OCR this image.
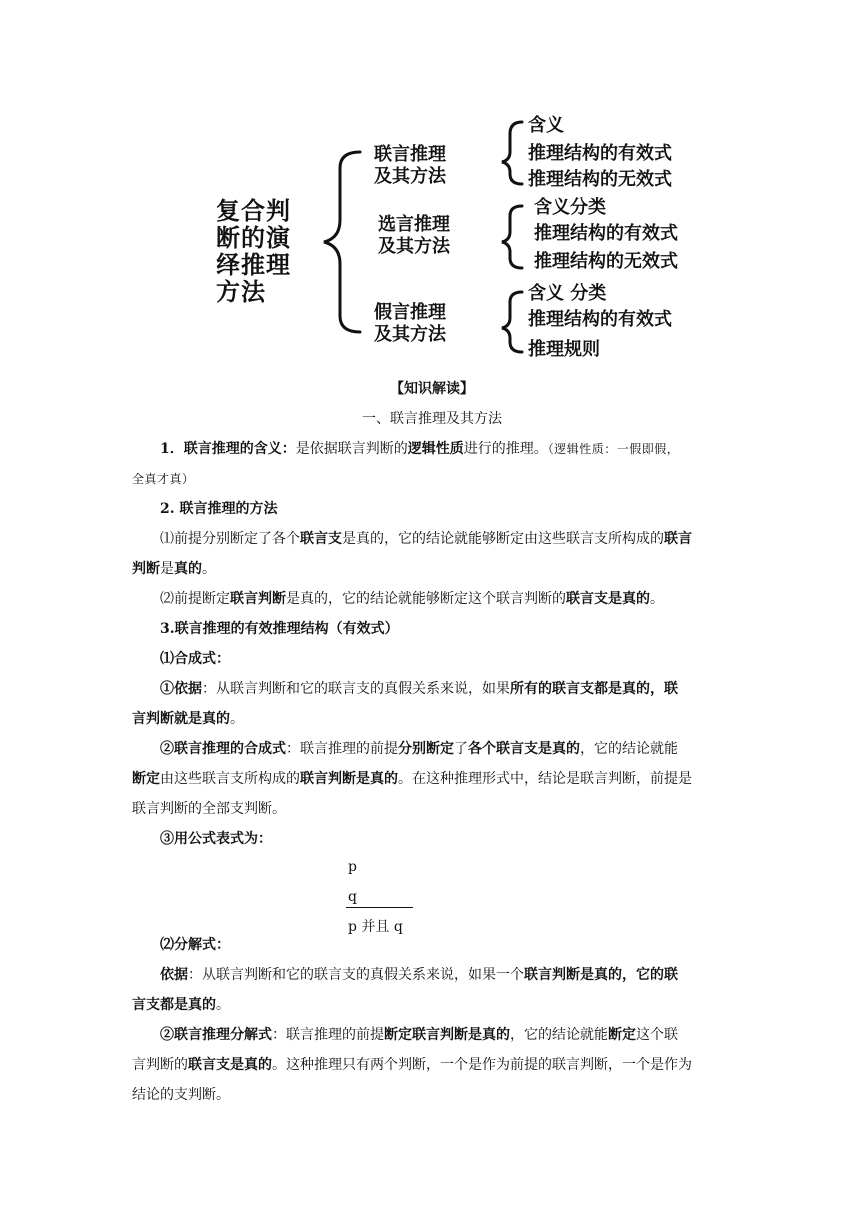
复合判
断的演
绎推理
方法
联言推理
及其方法
选言推理
及其方法
假言推理
及其方法
含义
推理结构的有效式
推理结构的无效式
含义分类
推理结构的有效式
推理结构的无效式
含义 分类
推理结构的有效式
推理规则

【知识解读】

一、联言推理及其方法

1．联言推理的含义：是依据联言判断的逻辑性质进行的推理。（逻辑性质：一假即假，

全真才真）

2. 联言推理的方法

⑴前提分别断定了各个联言支是真的，它的结论就能够断定由这些联言支所构成的联言

判断是真的。

⑵前提断定联言判断是真的，它的结论就能够断定这个联言判断的联言支是真的。

3.联言推理的有效推理结构（有效式）

⑴合成式：

①依据：从联言判断和它的联言支的真假关系来说，如果所有的联言支都是真的，联

言判断就是真的。

②联言推理的合成式：联言推理的前提分别断定了各个联言支是真的，它的结论就能

断定由这些联言支所构成的联言判断是真的。在这种推理形式中，结论是联言判断，前提是

联言判断的全部支判断。

③用公式表式为：

p
q
p 并且 q

⑵分解式：

依据：从联言判断和它的联言支的真假关系来说，如果一个联言判断是真的，它的联

言支都是真的。

②联言推理分解式：联言推理的前提断定联言判断是真的，它的结论就能断定这个联

言判断的联言支是真的。这种推理只有两个判断，一个是作为前提的联言判断，一个是作为

结论的支判断。
